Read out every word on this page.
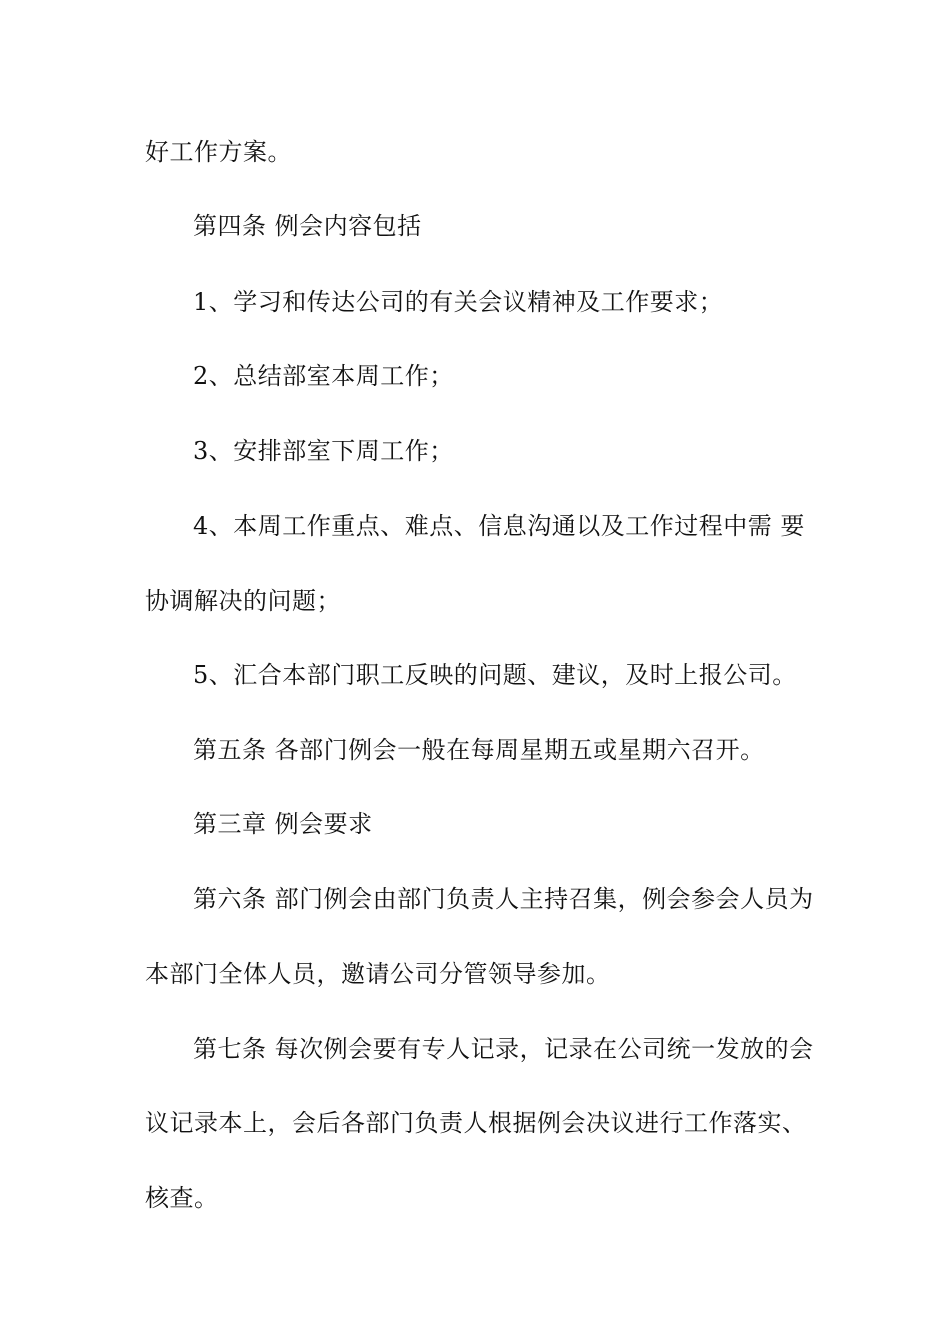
好工作方案。
第四条 例会内容包括
1、学习和传达公司的有关会议精神及工作要求；
2、总结部室本周工作；
3、安排部室下周工作；
4、本周工作重点、难点、信息沟通以及工作过程中需 要
协调解决的问题；
5、汇合本部门职工反映的问题、建议，及时上报公司。
第五条 各部门例会一般在每周星期五或星期六召开。
第三章 例会要求
第六条 部门例会由部门负责人主持召集，例会参会人员为
本部门全体人员，邀请公司分管领导参加。
第七条 每次例会要有专人记录，记录在公司统一发放的会
议记录本上，会后各部门负责人根据例会决议进行工作落实、
核查。
